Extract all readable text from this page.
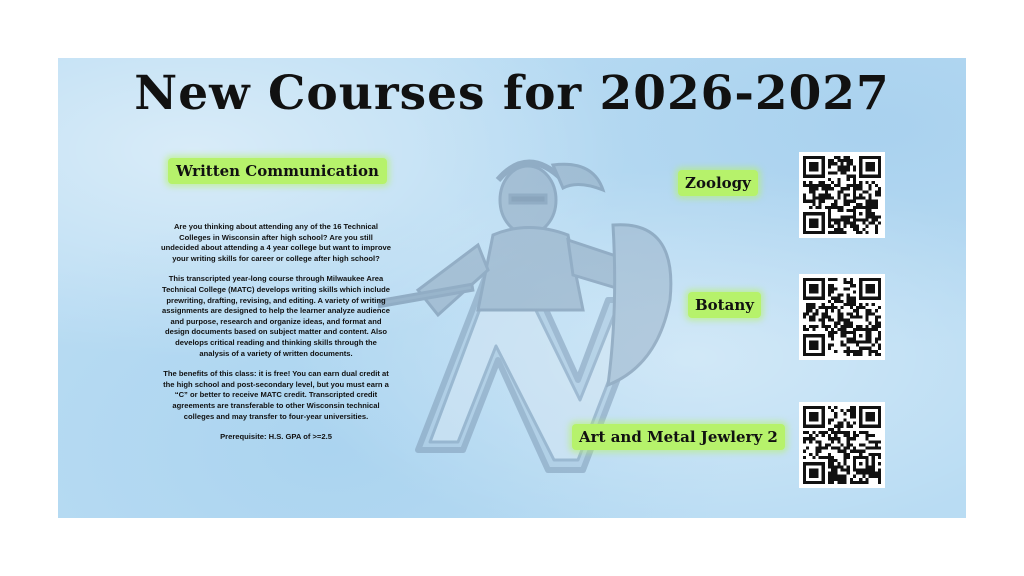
New Courses for 2026-2027
Written Communication

Are you thinking about attending any of the 16 Technical Colleges in Wisconsin after high school? Are you still undecided about attending a 4 year college but want to improve your writing skills for career or college after high school?

This transcripted year-long course through Milwaukee Area Technical College (MATC) develops writing skills which include prewriting, drafting, revising, and editing. A variety of writing assignments are designed to help the learner analyze audience and purpose, research and organize ideas, and format and design documents based on subject matter and content. Also develops critical reading and thinking skills through the analysis of a variety of written documents.

The benefits of this class: it is free! You can earn dual credit at the high school and post-secondary level, but you must earn a “C” or better to receive MATC credit. Transcripted credit agreements are transferable to other Wisconsin technical colleges and may transfer to four-year universities.

Prerequisite: H.S. GPA of >=2.5

Zoology
Botany
Art and Metal Jewlery 2
